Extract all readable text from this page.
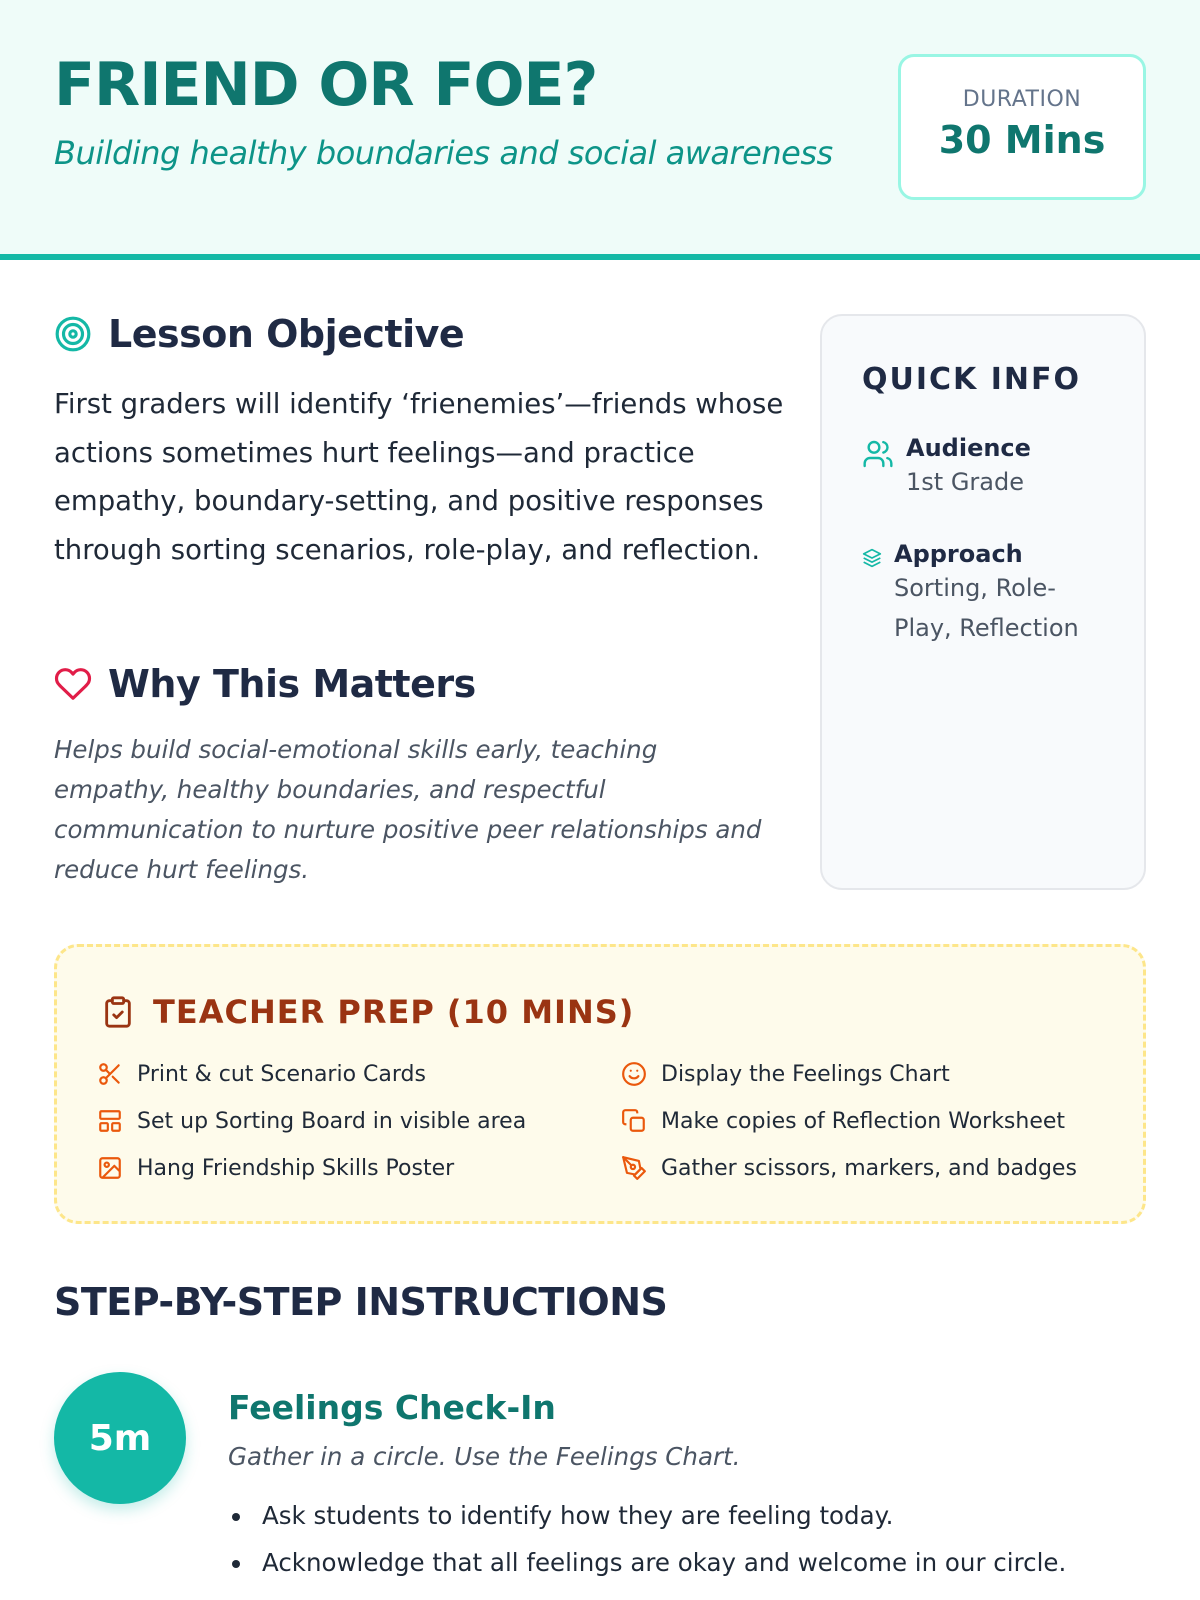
FRIEND OR FOE?
Building healthy boundaries and social awareness
DURATION
30 Mins
Lesson Objective

First graders will identify ‘frienemies’—friends whose actions sometimes hurt feelings—and practice empathy, boundary-setting, and positive responses through sorting scenarios, role-play, and reflection.

Why This Matters

Helps build social-emotional skills early, teaching empathy, healthy boundaries, and respectful communication to nurture positive peer relationships and reduce hurt feelings.

QUICK INFO
Audience
1st Grade
Approach
Sorting, Role-Play, Reflection
TEACHER PREP (10 MINS)
Print & cut Scenario Cards
Set up Sorting Board in visible area
Hang Friendship Skills Poster
Display the Feelings Chart
Make copies of Reflection Worksheet
Gather scissors, markers, and badges
STEP-BY-STEP INSTRUCTIONS
5m
Feelings Check-In
Gather in a circle. Use the Feelings Chart.
Ask students to identify how they are feeling today.
Acknowledge that all feelings are okay and welcome in our circle.
